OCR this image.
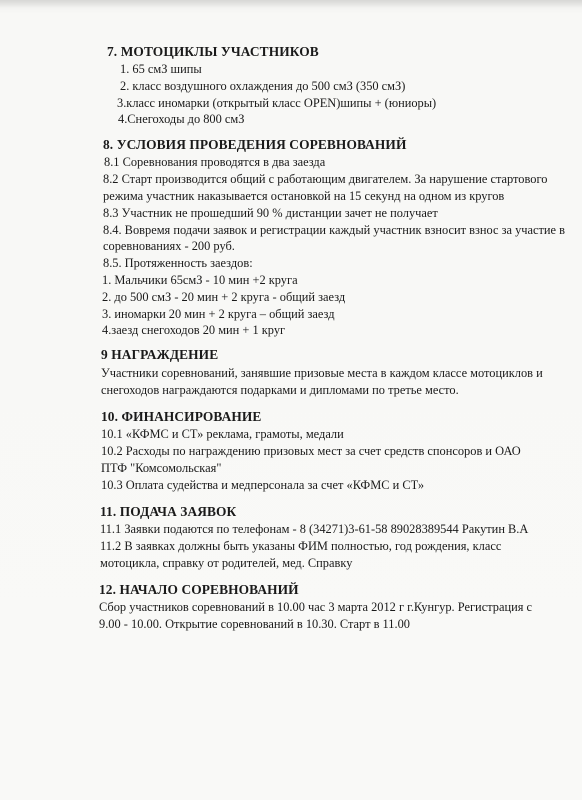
7. МОТОЦИКЛЫ УЧАСТНИКОВ
1. 65 смЗ шипы
2. класс воздушного охлаждения до 500 смЗ (350 смЗ)
3.класс иномарки (открытый класс OPEN)шипы + (юниоры)
4.Снегоходы до 800 смЗ
8. УСЛОВИЯ ПРОВЕДЕНИЯ СОРЕВНОВАНИЙ
8.1 Соревнования проводятся в два заезда
8.2 Старт производится общий с работающим двигателем. За нарушение стартового
режима участник наказывается остановкой на 15 секунд на одном из кругов
8.3 Участник не прошедший 90 % дистанции зачет не получает
8.4. Вовремя подачи заявок и регистрации каждый участник взносит взнос за участие в
соревнованиях - 200 руб.
8.5. Протяженность заездов:
1. Мальчики 65смЗ - 10 мин +2 круга
2. до 500 смЗ - 20 мин + 2 круга - общий заезд
3. иномарки 20 мин + 2 круга – общий заезд
4.заезд снегоходов 20 мин + 1 круг
9 НАГРАЖДЕНИЕ
Участники соревнований, занявшие призовые места в каждом классе мотоциклов и
снегоходов награждаются подарками и дипломами по третье место.
10. ФИНАНСИРОВАНИЕ
10.1 «КФМС и СТ» реклама, грамоты, медали
10.2 Расходы по награждению призовых мест за счет средств спонсоров и ОАО
ПТФ "Комсомольская"
10.3 Оплата судейства и медперсонала за счет «КФМС и СТ»
11. ПОДАЧА ЗАЯВОК
11.1 Заявки подаются по телефонам - 8 (34271)3-61-58 89028389544 Ракутин В.А
11.2 В заявках должны быть указаны ФИМ полностью, год рождения, класс
мотоцикла, справку от родителей, мед. Справку
12. НАЧАЛО СОРЕВНОВАНИЙ
Сбор участников соревнований в 10.00 час 3 марта 2012 г г.Кунгур. Регистрация с
9.00 - 10.00. Открытие соревнований в 10.30. Старт в 11.00
